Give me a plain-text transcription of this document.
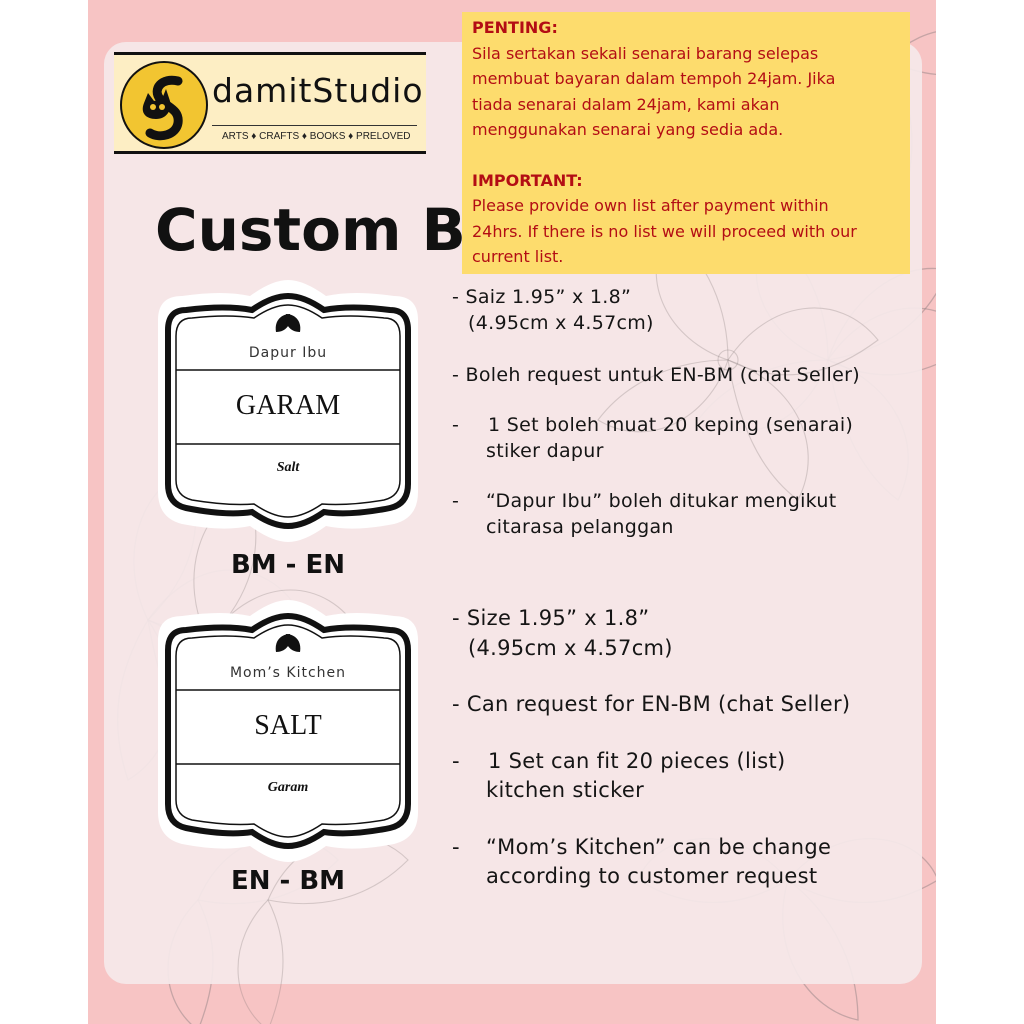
damitStudio
ARTS ♦ CRAFTS ♦ BOOKS ♦ PRELOVED
PENTING:
Sila sertakan sekali senarai barang selepas
membuat bayaran dalam tempoh 24jam. Jika
tiada senarai dalam 24jam, kami akan
menggunakan senarai yang sedia ada.
IMPORTANT:
Please provide own list after payment within
24hrs. If there is no list we will proceed with our
current list.
Custom B
Dapur Ibu
GARAM
Salt
BM - EN
Mom’s Kitchen
SALT
Garam
EN - BM
- Saiz 1.95” x 1.8”
(4.95cm x 4.57cm)
- Boleh request untuk EN-BM (chat Seller)
- 1 Set boleh muat 20 keping (senarai)
stiker dapur
- “Dapur Ibu” boleh ditukar mengikut
citarasa pelanggan
- Size 1.95” x 1.8”
(4.95cm x 4.57cm)
- Can request for EN-BM (chat Seller)
- 1 Set can fit 20 pieces (list)
kitchen sticker
- “Mom’s Kitchen” can be change
according to customer request
